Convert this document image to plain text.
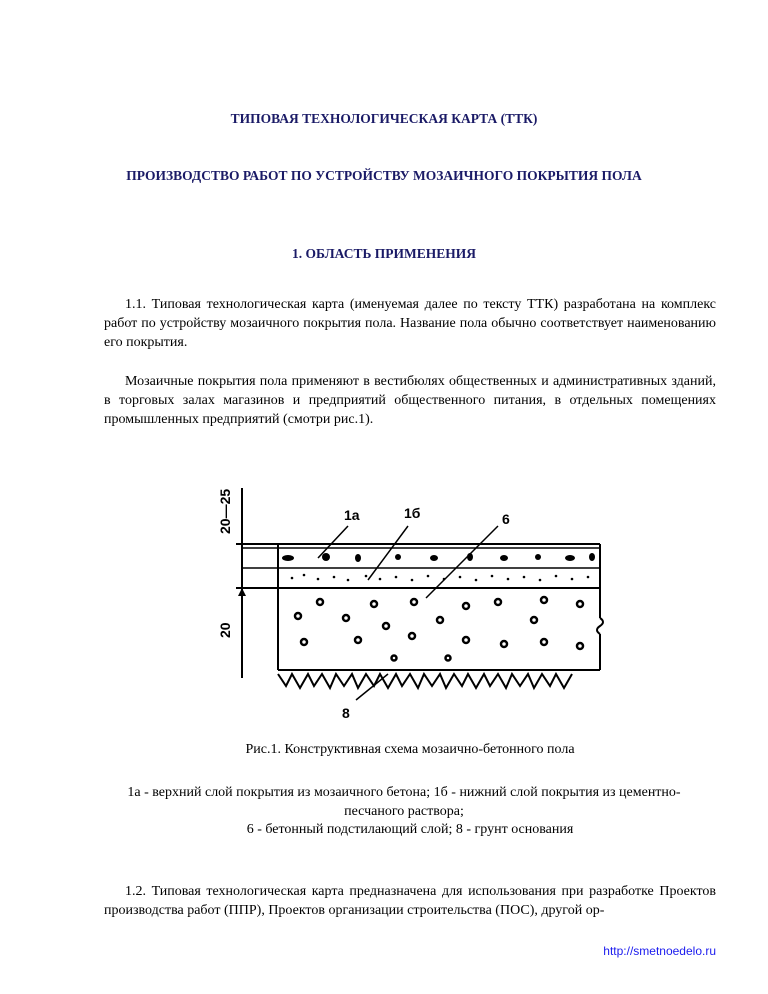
ТИПОВАЯ ТЕХНОЛОГИЧЕСКАЯ КАРТА (ТТК)
ПРОИЗВОДСТВО РАБОТ ПО УСТРОЙСТВУ МОЗАИЧНОГО ПОКРЫТИЯ ПОЛА
1. ОБЛАСТЬ ПРИМЕНЕНИЯ

1.1. Типовая технологическая карта (именуемая далее по тексту ТТК) разработана на комплекс работ по устройству мозаичного покрытия пола. Название пола обычно соответствует наименованию его покрытия.

Мозаичные покрытия пола применяют в вестибюлях общественных и административных зданий, в торговых залах магазинов и предприятий общественного питания, в отдельных помещениях промышленных предприятий (смотри рис.1).

20—25
20
1а	1б	6
8

Рис.1. Конструктивная схема мозаично-бетонного пола

1а - верхний слой покрытия из мозаичного бетона; 1б - нижний слой покрытия из цементно-песчаного раствора;

6 - бетонный подстилающий слой; 8 - грунт основания

1.2. Типовая технологическая карта предназначена для использования при разработке Проектов производства работ (ППР), Проектов организации строительства (ПОС), другой ор-

http://smetnoedelo.ru
